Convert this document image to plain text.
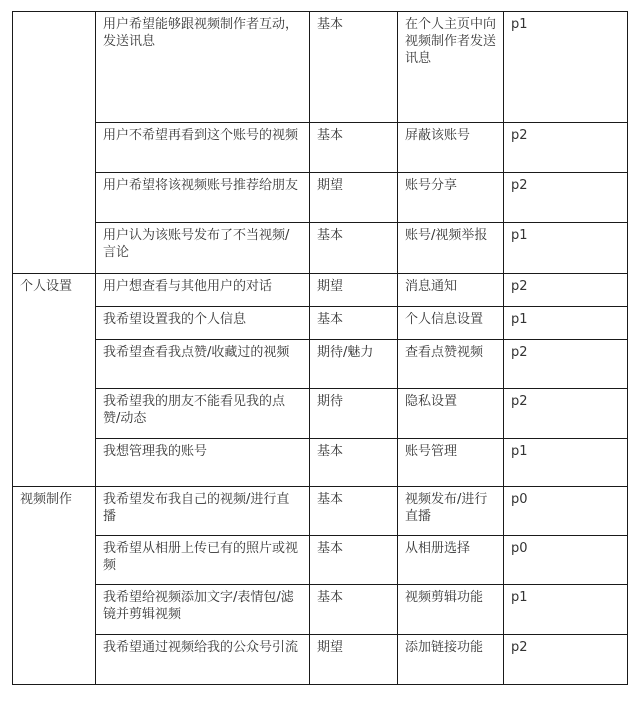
	用户希望能够跟视频制作者互动，发送讯息	基本	在个人主页中向视频制作者发送讯息	p1
	用户不希望再看到这个账号的视频	基本	屏蔽该账号	p2
	用户希望将该视频账号推荐给朋友	期望	账号分享	p2
	用户认为该账号发布了不当视频/言论	基本	账号/视频举报	p1
个人设置	用户想查看与其他用户的对话	期望	消息通知	p2
	我希望设置我的个人信息	基本	个人信息设置	p1
	我希望查看我点赞/收藏过的视频	期待/魅力	查看点赞视频	p2
	我希望我的朋友不能看见我的点赞/动态	期待	隐私设置	p2
	我想管理我的账号	基本	账号管理	p1
视频制作	我希望发布我自己的视频/进行直播	基本	视频发布/进行直播	p0
	我希望从相册上传已有的照片或视频	基本	从相册选择	p0
	我希望给视频添加文字/表情包/滤镜并剪辑视频	基本	视频剪辑功能	p1
	我希望通过视频给我的公众号引流	期望	添加链接功能	p2
